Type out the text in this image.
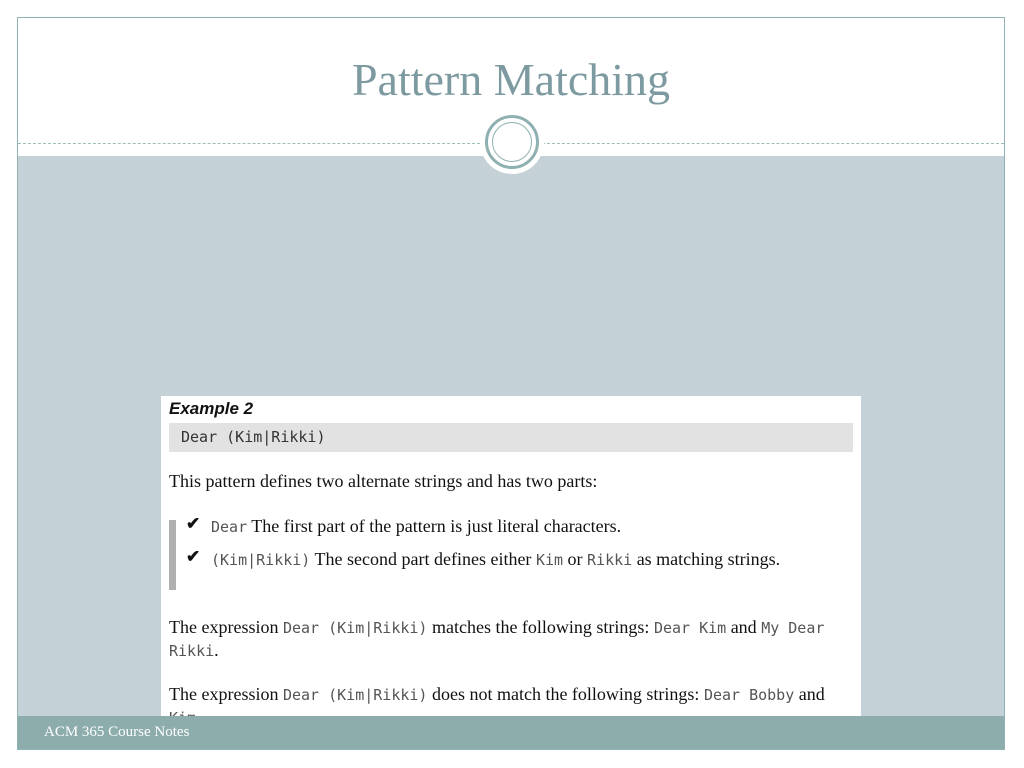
Pattern Matching
Example 2
Dear (Kim|Rikki)
This pattern defines two alternate strings and has two parts:
✔ Dear The first part of the pattern is just literal characters.
✔ (Kim|Rikki) The second part defines either Kim or Rikki as matching strings.
The expression Dear (Kim|Rikki) matches the following strings: Dear Kim and My Dear Rikki.
The expression Dear (Kim|Rikki) does not match the following strings: Dear Bobby and
ACM 365 Course Notes
